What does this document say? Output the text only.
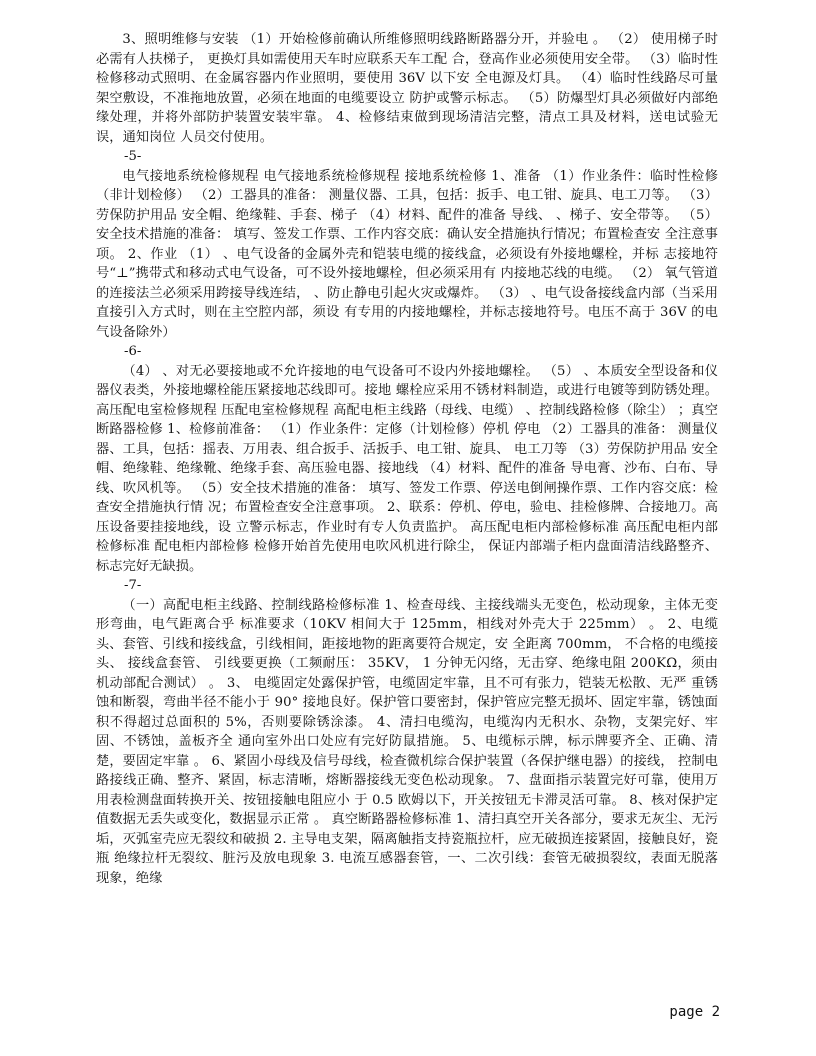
3、照明维修与安装 （1）开始检修前确认所维修照明线路断路器分开，并验电 。 （2） 使用梯子时必需有人扶梯子， 更换灯具如需使用天车时应联系天车工配 合，登高作业必须使用安全带。 （3）临时性检修移动式照明、在金属容器内作业照明，要使用 36V 以下安 全电源及灯具。 （4）临时性线路尽可量架空敷设，不准拖地放置，必须在地面的电缆要设立 防护或警示标志。 （5）防爆型灯具必须做好内部绝缘处理，并将外部防护装置安装牢靠。 4、检修结束做到现场清洁完整，清点工具及材料，送电试验无误，通知岗位 人员交付使用。

-5-

电气接地系统检修规程 电气接地系统检修规程 接地系统检修 1、准备 （1）作业条件：临时性检修（非计划检修） （2）工器具的准备： 测量仪器、工具，包括：扳手、电工钳、旋具、电工刀等。 （3）劳保防护用品 安全帽、绝缘鞋、手套、梯子 （4）材料、配件的准备 导线、 、梯子、安全带等。 （5）安全技术措施的准备： 填写、签发工作票、工作内容交底：确认安全措施执行情况；布置检查安 全注意事项。 2、作业 （1） 、电气设备的金属外壳和铠装电缆的接线盒，必须设有外接地螺栓，并标 志接地符号“⊥”携带式和移动式电气设备，可不设外接地螺栓，但必须采用有 内接地芯线的电缆。 （2） 氧气管道的连接法兰必须采用跨接导线连结， 、防止静电引起火灾或爆炸。 （3） 、电气设备接线盒内部（当采用直接引入方式时，则在主空腔内部，须设 有专用的内接地螺栓，并标志接地符号。电压不高于 36V 的电气设备除外）

-6-

（4） 、对无必要接地或不允许接地的电气设备可不设内外接地螺栓。 （5） 、本质安全型设备和仪器仪表类，外接地螺栓能压紧接地芯线即可。接地 螺栓应采用不锈材料制造，或进行电镀等到防锈处理。 高压配电室检修规程 压配电室检修规程 高配电柜主线路（母线、电缆） 、控制线路检修（除尘） ；真空断路器检修 1、检修前准备： （1）作业条件：定修（计划检修）停机 停电 （2）工器具的准备： 测量仪器、工具，包括：摇表、万用表、组合扳手、活扳手、电工钳、旋具、 电工刀等 （3）劳保防护用品 安全帽、绝缘鞋、绝缘靴、绝缘手套、高压验电器、接地线 （4）材料、配件的准备 导电膏、沙布、白布、导线、吹风机等。 （5）安全技术措施的准备： 填写、签发工作票、停送电倒闸操作票、工作内容交底：检查安全措施执行情 况；布置检查安全注意事项。 2、联系：停机、停电，验电、挂检修牌、合接地刀。高压设备要挂接地线，设 立警示标志，作业时有专人负责监护。 高压配电柜内部检修标准 高压配电柜内部检修标准 配电柜内部检修 检修开始首先使用电吹风机进行除尘， 保证内部端子柜内盘面清洁线路整齐、 标志完好无缺损。

-7-

（一）高配电柜主线路、控制线路检修标准 1、检查母线、主接线端头无变色，松动现象，主体无变形弯曲，电气距离合乎 标准要求（10KV 相间大于 125mm，相线对外壳大于 225mm） 。 2、电缆头、套管、引线和接线盒，引线相间，距接地物的距离要符合规定，安 全距离 700mm， 不合格的电缆接头、 接线盒套管、 引线要更换（工频耐压： 35KV， 1 分钟无闪络，无击穿、绝缘电阻 200KΩ，须由机动部配合测试） 。 3、 电缆固定处露保护管，电缆固定牢靠，且不可有张力，铠装无松散、无严 重锈蚀和断裂，弯曲半径不能小于 90° 接地良好。保护管口要密封，保护管应完整无损坏、固定牢靠，锈蚀面积不得超过总面积的 5%，否则要除锈涂漆。 4、清扫电缆沟，电缆沟内无积水、杂物，支架完好、牢固、不锈蚀，盖板齐全 通向室外出口处应有完好防鼠措施。 5、电缆标示牌，标示牌要齐全、正确、清楚，要固定牢靠 。 6、紧固小母线及信号母线，检查微机综合保护装置（各保护继电器）的接线， 控制电路接线正确、整齐、紧固，标志清晰，熔断器接线无变色松动现象。 7、盘面指示装置完好可靠，使用万用表检测盘面转换开关、按钮接触电阻应小 于 0.5 欧姆以下，开关按钮无卡滞灵活可靠。 8、核对保护定值数据无丢失或变化，数据显示正常 。 真空断路器检修标准 1、清扫真空开关各部分，要求无灰尘、无污垢，灭弧室壳应无裂纹和破损 2. 主导电支架，隔离触指支持瓷瓶拉杆，应无破损连接紧固，接触良好，瓷瓶 绝缘拉杆无裂纹、脏污及放电现象 3. 电流互感器套管，一、二次引线：套管无破损裂纹，表面无脱落现象，绝缘

page 2
